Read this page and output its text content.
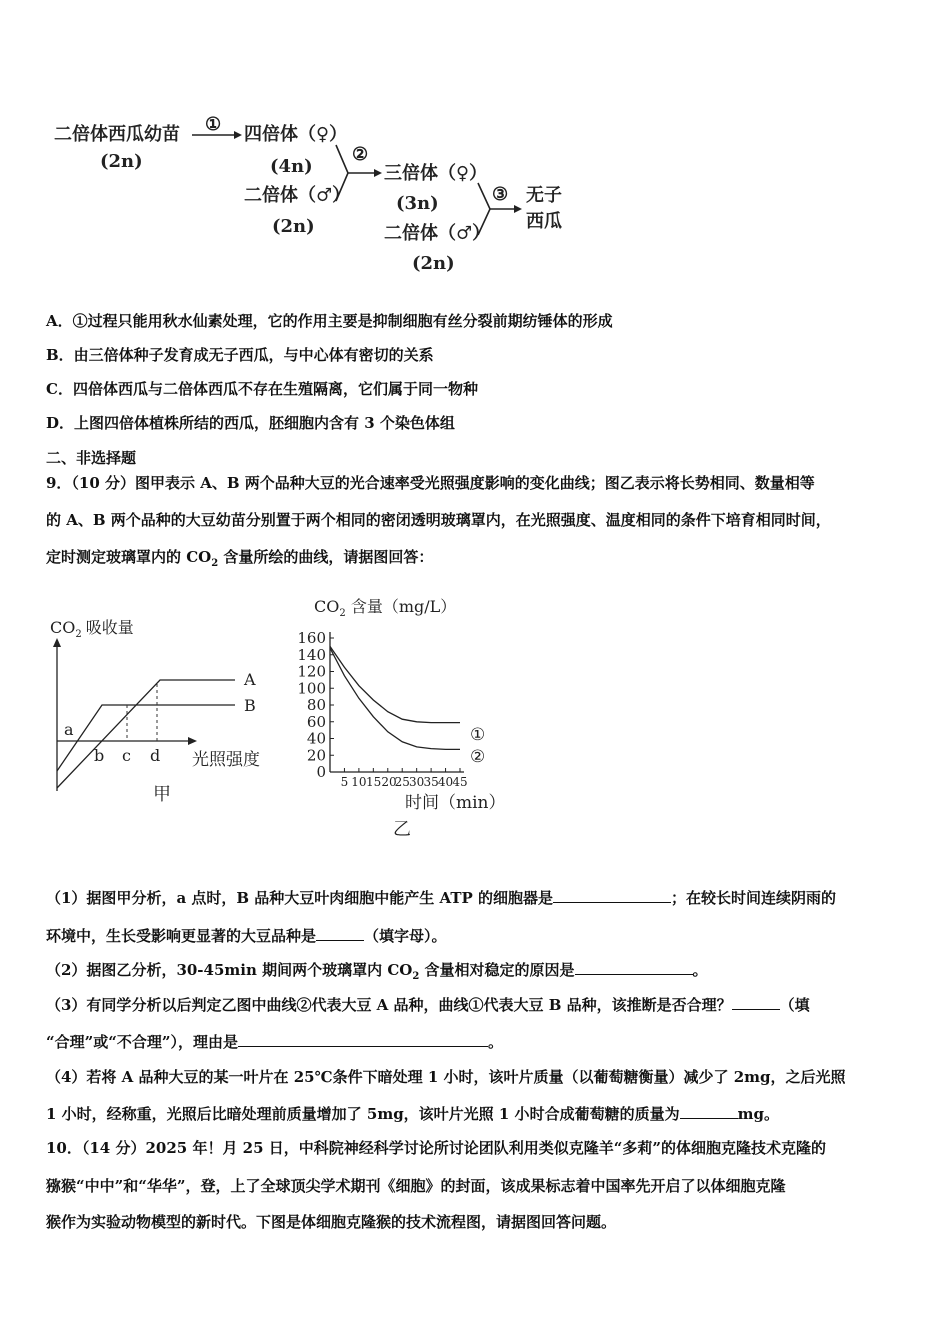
二倍体西瓜幼苗
(2n)
① 四倍体（♀）
(4n)
二倍体（♂）
(2n)
②
三倍体（♀）
(3n)
二倍体（♂）
(2n)
③ 无子
西瓜
A．①过程只能用秋水仙素处理，它的作用主要是抑制细胞有丝分裂前期纺锤体的形成
B．由三倍体种子发育成无子西瓜，与中心体有密切的关系
C．四倍体西瓜与二倍体西瓜不存在生殖隔离，它们属于同一物种
D．上图四倍体植株所结的西瓜，胚细胞内含有 3 个染色体组
二、非选择题
9．（10 分）图甲表示 A、B 两个品种大豆的光合速率受光照强度影响的变化曲线；图乙表示将长势相同、数量相等
的 A、B 两个品种的大豆幼苗分别置于两个相同的密闭透明玻璃罩内，在光照强度、温度相同的条件下培育相同时间，
定时测定玻璃罩内的 $CO_2$ 含量所绘的曲线，请据图回答：
$CO_2$ 吸收量
A
B
a
b c d 光照强度
甲
$CO_2$ 含量（mg/L）
0
20
40
60
80
100
120
140
160
5 10 1520
25 30 35 40 45
①
②
时间（min）
乙
（1）据图甲分析，a 点时，B 品种大豆叶肉细胞中能产生 ATP 的细胞器是	；在较长时间连续阴雨的
环境中，生长受影响更显著的大豆品种是	（填字母）。
（2）据图乙分析，30-45min 期间两个玻璃罩内 $CO_2$ 含量相对稳定的原因是	。
（3）有同学分析以后判定乙图中曲线②代表大豆 A 品种，曲线①代表大豆 B 品种，该推断是否合理？	（填
“合理”或“不合理”），理由是	。
（4）若将 A 品种大豆的某一叶片在 25℃条件下暗处理 1 小时，该叶片质量（以葡萄糖衡量）减少了 2mg，之后光照
1 小时，经称重，光照后比暗处理前质量增加了 5mg，该叶片光照 1 小时合成葡萄糖的质量为	mg。
10．（14 分）2025 年！月 25 日，中科院神经科学讨论所讨论团队利用类似克隆羊“多莉”的体细胞克隆技术克隆的
猕猴“中中”和“华华”，登，上了全球顶尖学术期刊《细胞》的封面，该成果标志着中国率先开启了以体细胞克隆
猴作为实验动物模型的新时代。下图是体细胞克隆猴的技术流程图，请据图回答问题。
